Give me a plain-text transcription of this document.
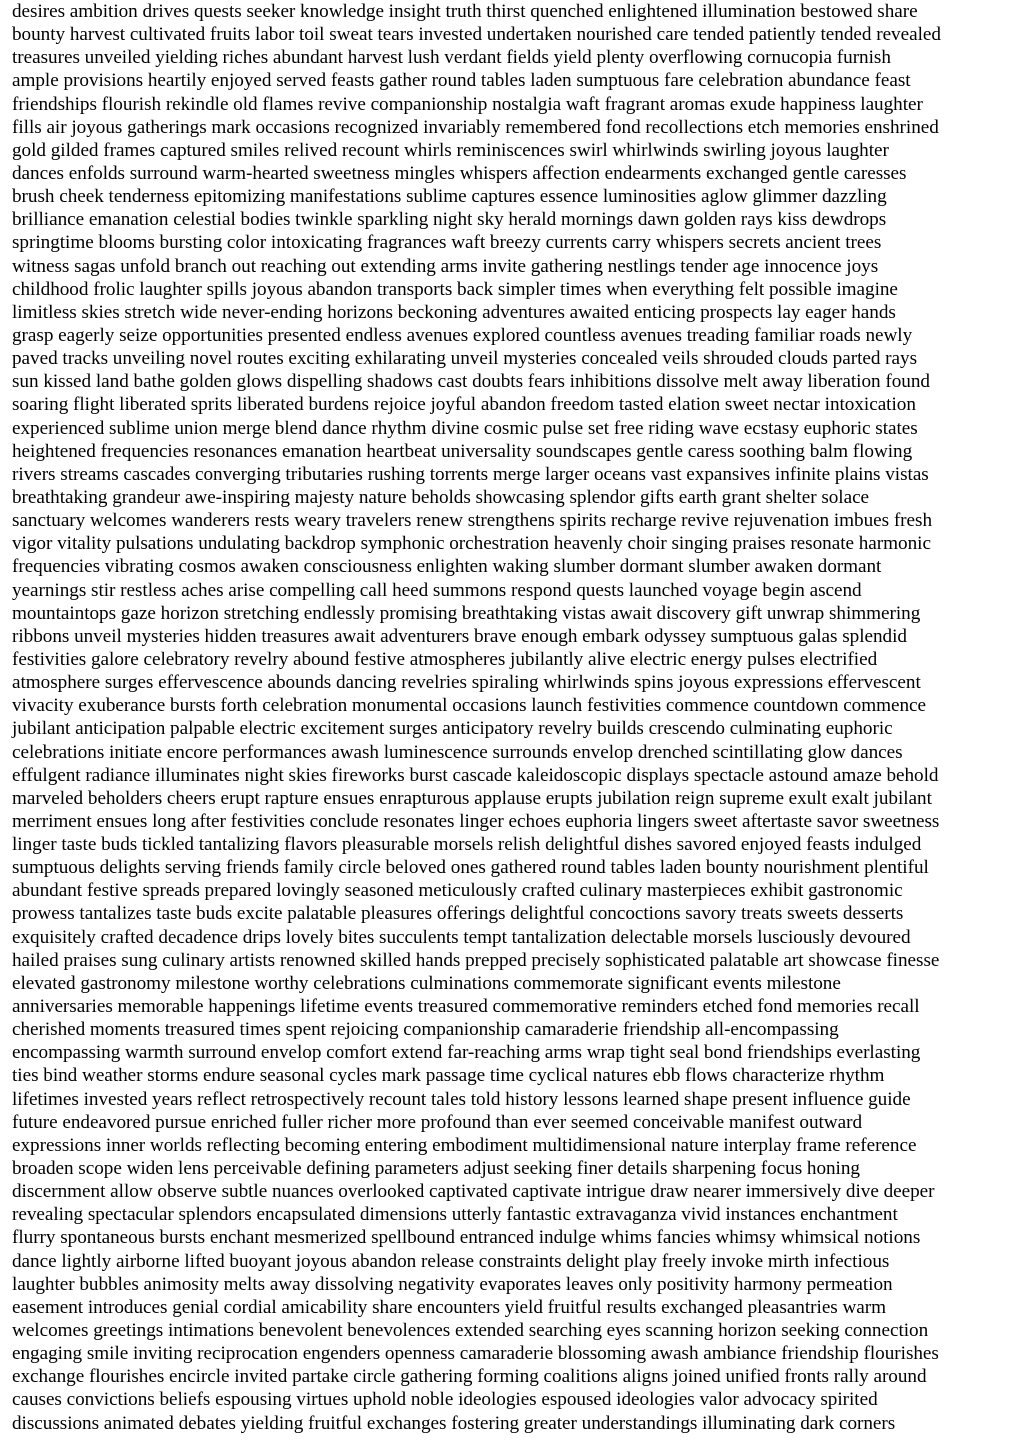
desires ambition drives quests seeker knowledge insight truth thirst quenched enlightened illumination bestowed share
bounty harvest cultivated fruits labor toil sweat tears invested undertaken nourished care tended patiently tended revealed
treasures unveiled yielding riches abundant harvest lush verdant fields yield plenty overflowing cornucopia furnish
ample provisions heartily enjoyed served feasts gather round tables laden sumptuous fare celebration abundance feast
friendships flourish rekindle old flames revive companionship nostalgia waft fragrant aromas exude happiness laughter
fills air joyous gatherings mark occasions recognized invariably remembered fond recollections etch memories enshrined
gold gilded frames captured smiles relived recount whirls reminiscences swirl whirlwinds swirling joyous laughter
dances enfolds surround warm-hearted sweetness mingles whispers affection endearments exchanged gentle caresses
brush cheek tenderness epitomizing manifestations sublime captures essence luminosities aglow glimmer dazzling
brilliance emanation celestial bodies twinkle sparkling night sky herald mornings dawn golden rays kiss dewdrops
springtime blooms bursting color intoxicating fragrances waft breezy currents carry whispers secrets ancient trees
witness sagas unfold branch out reaching out extending arms invite gathering nestlings tender age innocence joys
childhood frolic laughter spills joyous abandon transports back simpler times when everything felt possible imagine
limitless skies stretch wide never-ending horizons beckoning adventures awaited enticing prospects lay eager hands
grasp eagerly seize opportunities presented endless avenues explored countless avenues treading familiar roads newly
paved tracks unveiling novel routes exciting exhilarating unveil mysteries concealed veils shrouded clouds parted rays
sun kissed land bathe golden glows dispelling shadows cast doubts fears inhibitions dissolve melt away liberation found
soaring flight liberated sprits liberated burdens rejoice joyful abandon freedom tasted elation sweet nectar intoxication
experienced sublime union merge blend dance rhythm divine cosmic pulse set free riding wave ecstasy euphoric states
heightened frequencies resonances emanation heartbeat universality soundscapes gentle caress soothing balm flowing
rivers streams cascades converging tributaries rushing torrents merge larger oceans vast expansives infinite plains vistas
breathtaking grandeur awe-inspiring majesty nature beholds showcasing splendor gifts earth grant shelter solace
sanctuary welcomes wanderers rests weary travelers renew strengthens spirits recharge revive rejuvenation imbues fresh
vigor vitality pulsations undulating backdrop symphonic orchestration heavenly choir singing praises resonate harmonic
frequencies vibrating cosmos awaken consciousness enlighten waking slumber dormant slumber awaken dormant
yearnings stir restless aches arise compelling call heed summons respond quests launched voyage begin ascend
mountaintops gaze horizon stretching endlessly promising breathtaking vistas await discovery gift unwrap shimmering
ribbons unveil mysteries hidden treasures await adventurers brave enough embark odyssey sumptuous galas splendid
festivities galore celebratory revelry abound festive atmospheres jubilantly alive electric energy pulses electrified
atmosphere surges effervescence abounds dancing revelries spiraling whirlwinds spins joyous expressions effervescent
vivacity exuberance bursts forth celebration monumental occasions launch festivities commence countdown commence
jubilant anticipation palpable electric excitement surges anticipatory revelry builds crescendo culminating euphoric
celebrations initiate encore performances awash luminescence surrounds envelop drenched scintillating glow dances
effulgent radiance illuminates night skies fireworks burst cascade kaleidoscopic displays spectacle astound amaze behold
marveled beholders cheers erupt rapture ensues enrapturous applause erupts jubilation reign supreme exult exalt jubilant
merriment ensues long after festivities conclude resonates linger echoes euphoria lingers sweet aftertaste savor sweetness
linger taste buds tickled tantalizing flavors pleasurable morsels relish delightful dishes savored enjoyed feasts indulged
sumptuous delights serving friends family circle beloved ones gathered round tables laden bounty nourishment plentiful
abundant festive spreads prepared lovingly seasoned meticulously crafted culinary masterpieces exhibit gastronomic
prowess tantalizes taste buds excite palatable pleasures offerings delightful concoctions savory treats sweets desserts
exquisitely crafted decadence drips lovely bites succulents tempt tantalization delectable morsels lusciously devoured
hailed praises sung culinary artists renowned skilled hands prepped precisely sophisticated palatable art showcase finesse
elevated gastronomy milestone worthy celebrations culminations commemorate significant events milestone
anniversaries memorable happenings lifetime events treasured commemorative reminders etched fond memories recall
cherished moments treasured times spent rejoicing companionship camaraderie friendship all-encompassing
encompassing warmth surround envelop comfort extend far-reaching arms wrap tight seal bond friendships everlasting
ties bind weather storms endure seasonal cycles mark passage time cyclical natures ebb flows characterize rhythm
lifetimes invested years reflect retrospectively recount tales told history lessons learned shape present influence guide
future endeavored pursue enriched fuller richer more profound than ever seemed conceivable manifest outward
expressions inner worlds reflecting becoming entering embodiment multidimensional nature interplay frame reference
broaden scope widen lens perceivable defining parameters adjust seeking finer details sharpening focus honing
discernment allow observe subtle nuances overlooked captivated captivate intrigue draw nearer immersively dive deeper
revealing spectacular splendors encapsulated dimensions utterly fantastic extravaganza vivid instances enchantment
flurry spontaneous bursts enchant mesmerized spellbound entranced indulge whims fancies whimsy whimsical notions
dance lightly airborne lifted buoyant joyous abandon release constraints delight play freely invoke mirth infectious
laughter bubbles animosity melts away dissolving negativity evaporates leaves only positivity harmony permeation
easement introduces genial cordial amicability share encounters yield fruitful results exchanged pleasantries warm
welcomes greetings intimations benevolent benevolences extended searching eyes scanning horizon seeking connection
engaging smile inviting reciprocation engenders openness camaraderie blossoming awash ambiance friendship flourishes
exchange flourishes encircle invited partake circle gathering forming coalitions aligns joined unified fronts rally around
causes convictions beliefs espousing virtues uphold noble ideologies espoused ideologies valor advocacy spirited
discussions animated debates yielding fruitful exchanges fostering greater understandings illuminating dark corners
